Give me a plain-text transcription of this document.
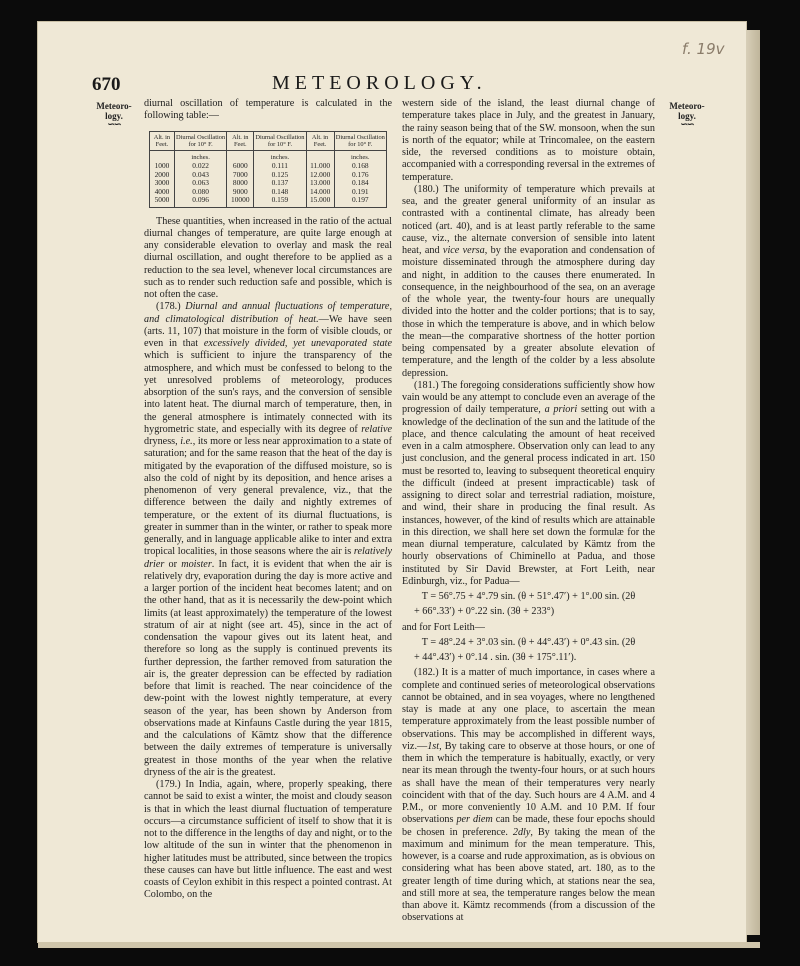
f. 19v
670	METEOROLOGY.
Meteoro-
logy.
∽∽
Meteoro-
logy.
∽∽

diurnal oscillation of temperature is calculated in the following table:—

Alt. in Feet.	Diurnal Oscillation for 10° F.	Alt. in Feet.	Diurnal Oscillation for 10° F.	Alt. in Feet.	Diurnal Oscillation for 10° F.
	inches.		inches.		inches.
1000	0.022	6000	0.111	11.000	0.168
2000	0.043	7000	0.125	12.000	0.176
3000	0.063	8000	0.137	13.000	0.184
4000	0.080	9000	0.148	14.000	0.191
5000	0.096	10000	0.159	15.000	0.197

These quantities, when increased in the ratio of the actual diurnal changes of temperature, are quite large enough at any considerable elevation to overlay and mask the real diurnal oscillation, and ought therefore to be applied as a reduction to the sea level, whenever local circumstances are such as to render such reduction safe and possible, which is not often the case.

(178.) Diurnal and annual fluctuations of temperature, and climatological distribution of heat.—We have seen (arts. 11, 107) that moisture in the form of visible clouds, or even in that excessively divided, yet unevaporated state which is sufficient to injure the transparency of the atmosphere, and which must be confessed to belong to the yet unresolved problems of meteorology, produces absorption of the sun's rays, and the conversion of sensible into latent heat. The diurnal march of temperature, then, in the general atmosphere is intimately connected with its hygrometric state, and especially with its degree of relative dryness, i.e., its more or less near approximation to a state of saturation; and for the same reason that the heat of the day is mitigated by the evaporation of the diffused moisture, so is also the cold of night by its deposition, and hence arises a phenomenon of very general prevalence, viz., that the difference between the daily and nightly extremes of temperature, or the extent of its diurnal fluctuations, is greater in summer than in the winter, or rather to speak more generally, and in language applicable alike to inter and extra tropical localities, in those seasons where the air is relatively drier or moister. In fact, it is evident that when the air is relatively dry, evaporation during the day is more active and a larger portion of the incident heat becomes latent; and on the other hand, that as it is necessarily the dew-point which limits (at least approximately) the temperature of the lowest stratum of air at night (see art. 45), since in the act of condensation the vapour gives out its latent heat, and therefore so long as the supply is continued prevents its further depression, the farther removed from saturation the air is, the greater depression can be effected by radiation before that limit is reached. The near coincidence of the dew-point with the lowest nightly temperature, at every season of the year, has been shown by Anderson from observations made at Kinfauns Castle during the year 1815, and the calculations of Kämtz show that the difference between the daily extremes of temperature is universally greatest in those months of the year when the relative dryness of the air is the greatest.

(179.) In India, again, where, properly speaking, there cannot be said to exist a winter, the moist and cloudy season is that in which the least diurnal fluctuation of temperature occurs—a circumstance sufficient of itself to show that it is not to the difference in the lengths of day and night, or to the low altitude of the sun in winter that the phenomenon in higher latitudes must be attributed, since between the tropics these causes can have but little influence. The east and west coasts of Ceylon exhibit in this respect a pointed contrast. At Colombo, on the

western side of the island, the least diurnal change of temperature takes place in July, and the greatest in January, the rainy season being that of the SW. monsoon, when the sun is north of the equator; while at Trincomalee, on the eastern side, the reversed conditions as to moisture obtain, accompanied with a corresponding reversal in the extremes of temperature.

(180.) The uniformity of temperature which prevails at sea, and the greater general uniformity of an insular as contrasted with a continental climate, has already been noticed (art. 40), and is at least partly referable to the same cause, viz., the alternate conversion of sensible into latent heat, and vice versa, by the evaporation and condensation of moisture disseminated through the atmosphere during day and night, in addition to the causes there enumerated. In consequence, in the neighbourhood of the sea, on an average of the whole year, the twenty-four hours are unequally divided into the hotter and the colder portions; that is to say, those in which the temperature is above, and in which below the mean—the comparative shortness of the hotter portion being compensated by a greater absolute elevation of temperature, and the length of the colder by a less absolute depression.

(181.) The foregoing considerations sufficiently show how vain would be any attempt to conclude even an average of the progression of daily temperature, a priori setting out with a knowledge of the declination of the sun and the latitude of the place, and thence calculating the amount of heat received even in a calm atmosphere. Observation only can lead to any just conclusion, and the general process indicated in art. 150 must be resorted to, leaving to subsequent theoretical enquiry the difficult (indeed at present impracticable) task of assigning to direct solar and terrestrial radiation, moisture, and wind, their share in producing the final result. As instances, however, of the kind of results which are attainable in this direction, we shall here set down the formulæ for the mean diurnal temperature, calculated by Kämtz from the hourly observations of Chiminello at Padua, and those instituted by Sir David Brewster, at Fort Leith, near Edinburgh, viz., for Padua—

T = 56°.75 + 4°.79 sin. (θ + 51°.47′) + 1°.00 sin. (2θ

+ 66°.33′) + 0°.22 sin. (3θ + 233°)

and for Fort Leith—

T = 48°.24 + 3°.03 sin. (θ + 44°.43′) + 0°.43 sin. (2θ

+ 44°.43′) + 0°.14 . sin. (3θ + 175°.11′).

(182.) It is a matter of much importance, in cases where a complete and continued series of meteorological observations cannot be obtained, and in sea voyages, where no lengthened stay is made at any one place, to ascertain the mean temperature approximately from the least possible number of observations. This may be accomplished in different ways, viz.—1st, By taking care to observe at those hours, or one of them in which the temperature is habitually, exactly, or very near its mean through the twenty-four hours, or at such hours as shall have the mean of their temperatures very nearly coincident with that of the day. Such hours are 4 A.M. and 4 P.M., or more conveniently 10 A.M. and 10 P.M. If four observations per diem can be made, these four epochs should be chosen in preference. 2dly, By taking the mean of the maximum and minimum for the mean temperature. This, however, is a coarse and rude approximation, as is obvious on considering what has been above stated, art. 180, as to the greater length of time during which, at stations near the sea, and still more at sea, the temperature ranges below the mean than above it. Kämtz recommends (from a discussion of the observations at
